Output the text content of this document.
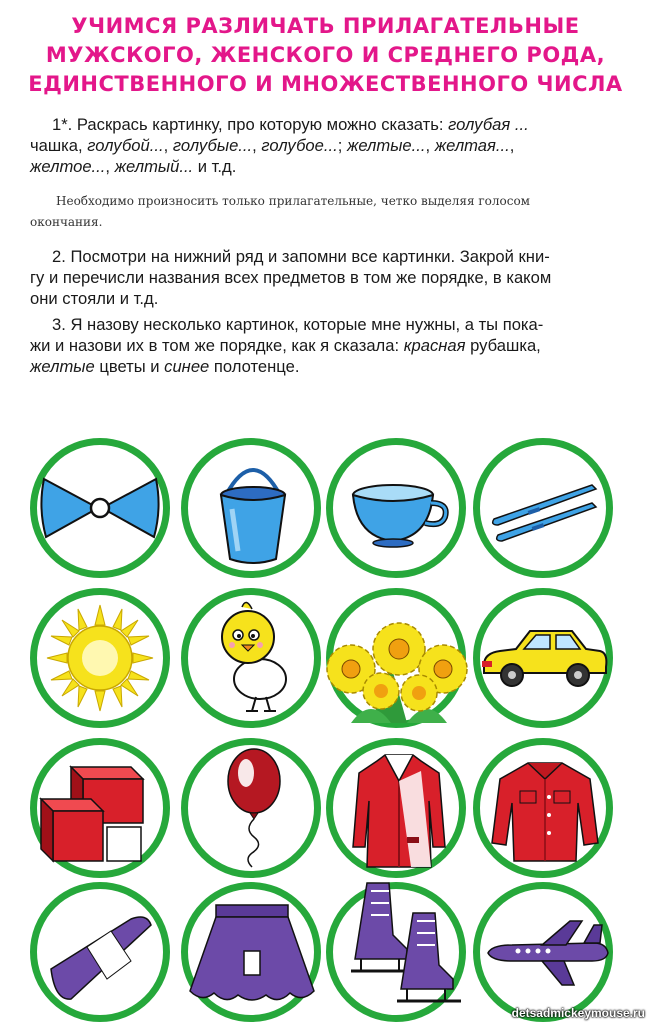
УЧИМСЯ РАЗЛИЧАТЬ ПРИЛАГАТЕЛЬНЫЕ
МУЖСКОГО, ЖЕНСКОГО И СРЕДНЕГО РОДА,
ЕДИНСТВЕННОГО И МНОЖЕСТВЕННОГО ЧИСЛА
1*. Раскрась картинку, про которую можно сказать: голубая ...
чашка, голубой..., голубые..., голубое...; желтые..., желтая...,
желтое..., желтый... и т.д.
Необходимо произносить только прилагательные, четко выделяя голосом
окончания.
2. Посмотри на нижний ряд и запомни все картинки. Закрой кни-
гу и перечисли названия всех предметов в том же порядке, в каком
они стояли и т.д.
3. Я назову несколько картинок, которые мне нужны, а ты пока-
жи и назови их в том же порядке, как я сказала: красная рубашка,
желтые цветы и синее полотенце.
detsadmickeymouse.ru
